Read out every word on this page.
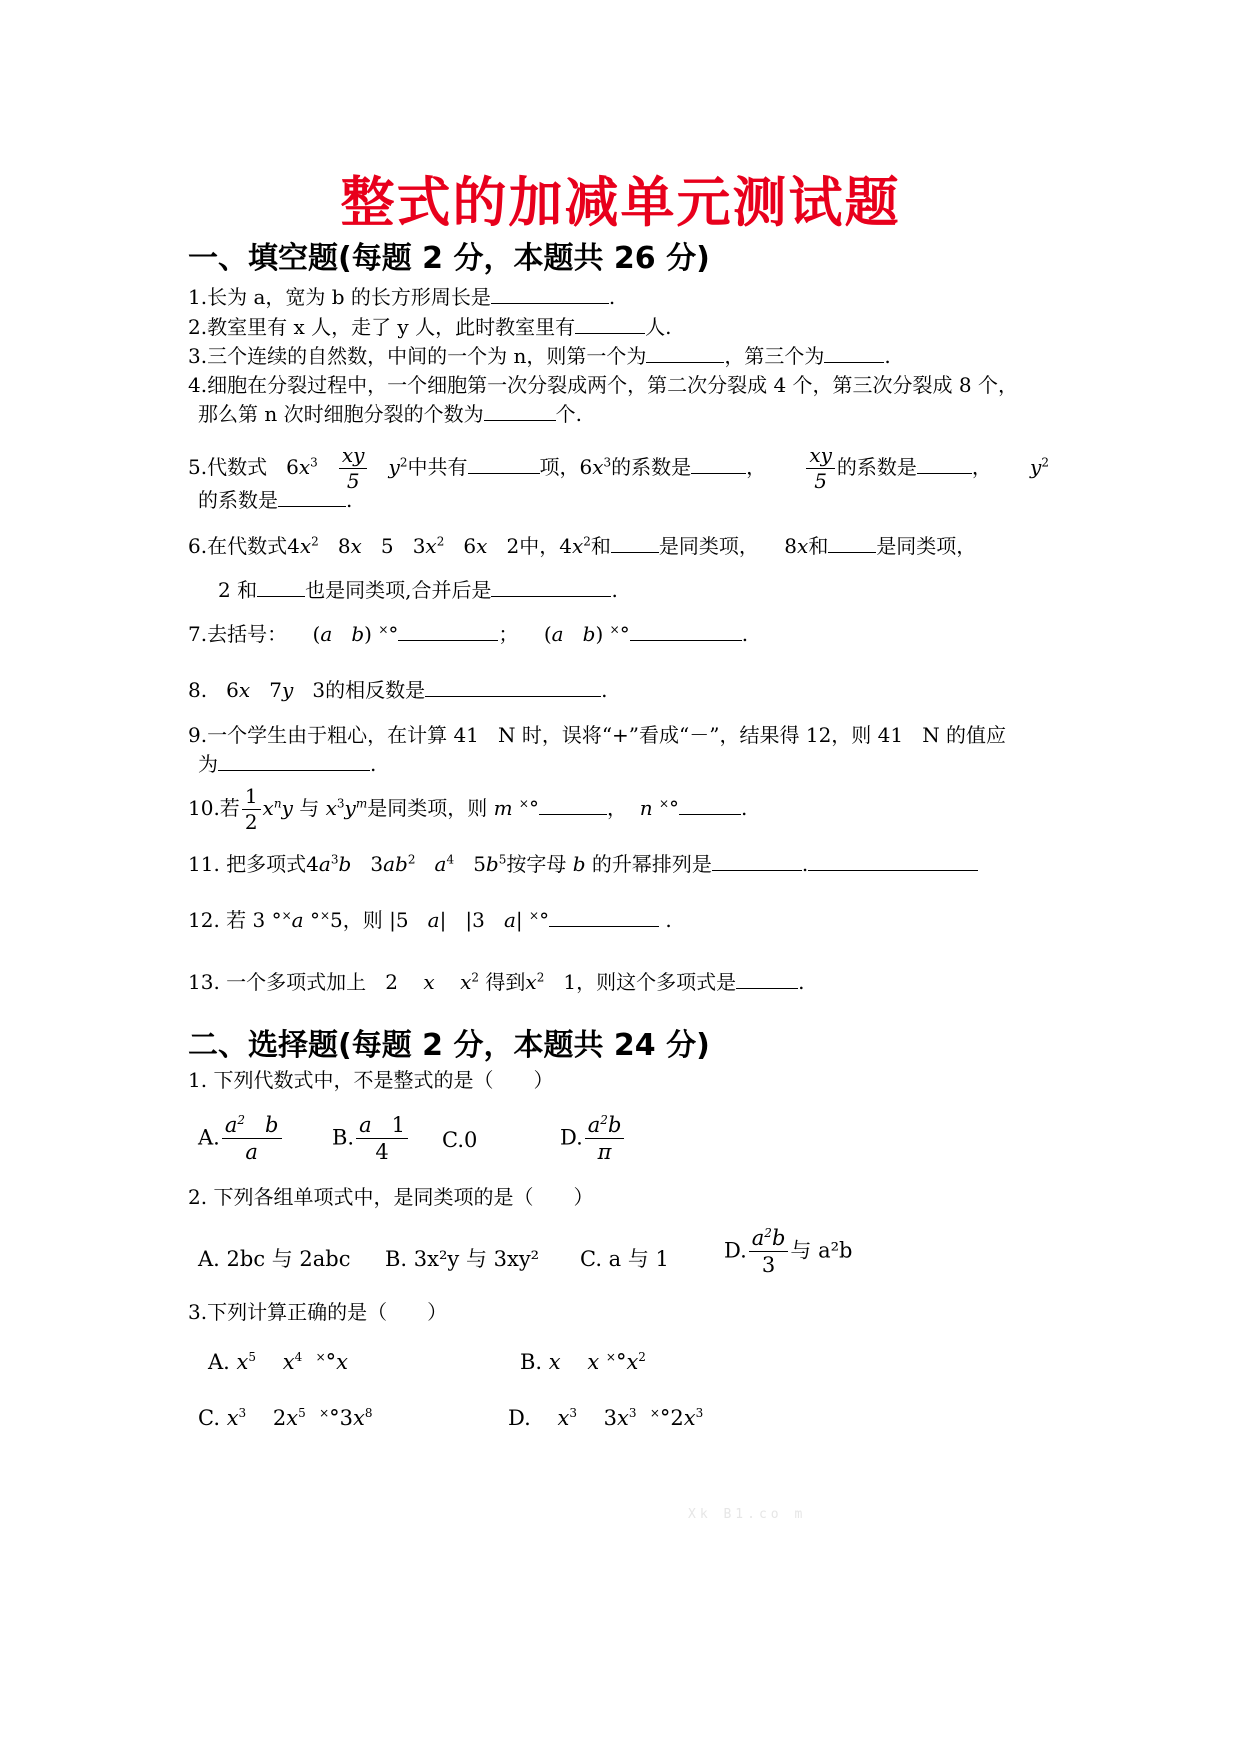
整式的加减单元测试题
一、填空题(每题 2 分，本题共 26 分)
1.长为 a，宽为 b 的长方形周长是	.
2.教室里有 x 人，走了 y 人，此时教室里有	人.
3.三个连续的自然数，中间的一个为 n，则第一个为	，第三个为	.
4.细胞在分裂过程中，一个细胞第一次分裂成两个，第二次分裂成 4 个，第三次分裂成 8 个，
那么第 n 次时细胞分裂的个数为	个.
5.代数式   $6x^3 \frac{xy}{5} y^2$中共有	项，$6x^3$的系数是	， $\frac{xy}{5}$ 的系数是	，      $y^2$
的系数是	.
6.在代数式$4x^2$   8x   5   $3x^2$   6x   2中，$4x^2$和 是同类项，    8x和 是同类项，
2 和 也是同类项,合并后是	.
7.去括号：    (a b) ×°	；    (a b) ×°	.
8.   6x   7y   3的相反数是	.
9.一个学生由于粗心，在计算 41 N 时，误将“+”看成“－”，结果得 12，则 41 N 的值应
为	.
10.若 $\frac{1}{2} x^ny$ 与 $x^3y^m$是同类项，则 m ×°	，  n ×°	.
11. 把多项式$4a^3b$   $3ab^2$ $a^4$   $5b^5$按字母 b 的升幂排列是	.
12. 若 3 °×a °×5，则 |5   a|   |3   a| ×°	.
13. 一个多项式加上   2    x $x^2$ 得到$x^2$ 1，则这个多项式是	.
二、选择题(每题 2 分，本题共 24 分)
1. 下列代数式中，不是整式的是（　　）
A. $\frac{a^2 b}{a} B$. $\frac{a 1}{4} C.0$	D. $\frac{a^2b}{\pi}$
2. 下列各组单项式中，是同类项的是（　　）
A. 2bc 与 2abc B. 3x²y 与 3xy² C. a 与 1	D. $\frac{a^2b}{3}$ 与 a²b
3.下列计算正确的是（　　）
A. $x^5$ $x^4$ ×°x	B. x x $^\times^\circ x^2$
C. $x^3$    $2x^5$ $^\times^\circ 3x^8$	D. $x^3$    $3x^3$ $^\times^\circ 2x^3$
Xk B1.co m
